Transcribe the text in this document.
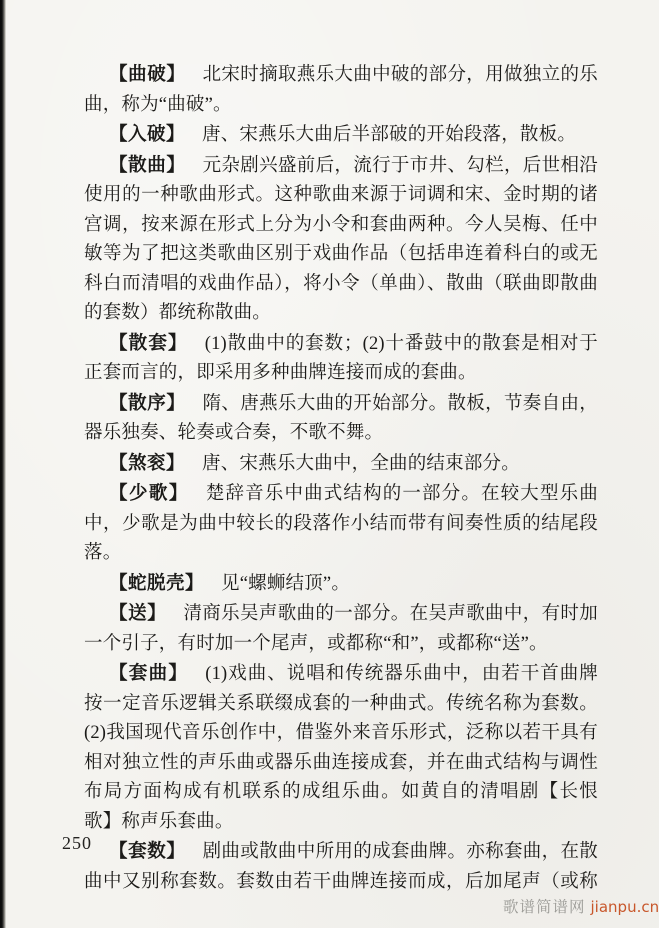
【曲破】 北宋时摘取燕乐大曲中破的部分，用做独立的乐曲，称为“曲破”。

【入破】 唐、宋燕乐大曲后半部破的开始段落，散板。

【散曲】 元杂剧兴盛前后，流行于市井、勾栏，后世相沿使用的一种歌曲形式。这种歌曲来源于词调和宋、金时期的诸宫调，按来源在形式上分为小令和套曲两种。今人吴梅、任中敏等为了把这类歌曲区别于戏曲作品（包括串连着科白的或无科白而清唱的戏曲作品），将小令（单曲）、散曲（联曲即散曲的套数）都统称散曲。

【散套】 (1)散曲中的套数；(2)十番鼓中的散套是相对于正套而言的，即采用多种曲牌连接而成的套曲。

【散序】 隋、唐燕乐大曲的开始部分。散板，节奏自由，器乐独奏、轮奏或合奏，不歌不舞。

【煞衮】 唐、宋燕乐大曲中，全曲的结束部分。

【少歌】 楚辞音乐中曲式结构的一部分。在较大型乐曲中，少歌是为曲中较长的段落作小结而带有间奏性质的结尾段落。

【蛇脱壳】 见“螺蛳结顶”。

【送】 清商乐吴声歌曲的一部分。在吴声歌曲中，有时加一个引子，有时加一个尾声，或都称“和”，或都称“送”。

【套曲】 (1)戏曲、说唱和传统器乐曲中，由若干首曲牌按一定音乐逻辑关系联缀成套的一种曲式。传统名称为套数。(2)我国现代音乐创作中，借鉴外来音乐形式，泛称以若干具有相对独立性的声乐曲或器乐曲连接成套，并在曲式结构与调性布局方面构成有机联系的成组乐曲。如黄自的清唱剧【长恨歌】称声乐套曲。

【套数】 剧曲或散曲中所用的成套曲牌。亦称套曲，在散曲中又别称套数。套数由若干曲牌连接而成，后加尾声（或称

250
歌谱简谱网 jianpu.cn
